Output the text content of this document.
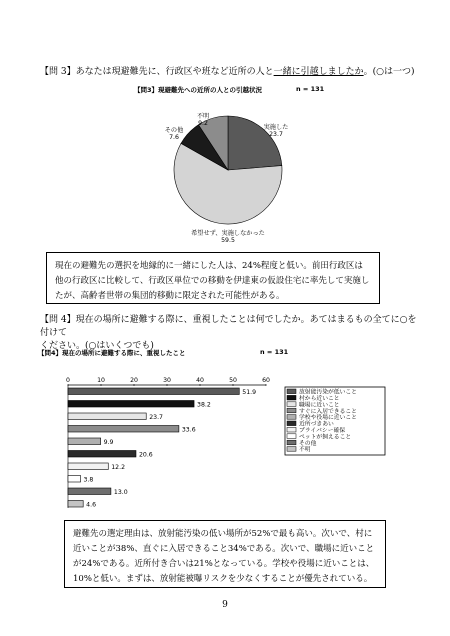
【問 3】あなたは現避難先に、行政区や班など近所の人と一緒に引越しましたか。(○は一つ)
【問3】現避難先への近所の人との引越状況	n = 131
実施した
23.7
希望せず、実施しなかった
59.5
その他
7.6
不明
9.2
現在の避難先の選択を地縁的に一緒にした人は、24%程度と低い。前田行政区は他の行政区に比較して、行政区単位での移動を伊達東の仮設住宅に率先して実施したが、高齢者世帯の集団的移動に限定された可能性がある。
【問 4】現在の場所に避難する際に、重視したことは何でしたか。あてはまるもの全てに○を付けて
ください。(○はいくつでも)
【問4】現在の場所に避難する際に、重視したこと	n = 131
0	10	20	30	40	50	60
51.9
38.2
23.7
33.6
9.9
20.6
12.2
3.8
13.0
4.6
放射能汚染が低いこと
村から近いこと
職場に近いこと
すぐに入居できること
学校や役場に近いこと
近所づきあい
プライバシー確保
ペットが飼えること
その他
不明
避難先の選定理由は、放射能汚染の低い場所が52%で最も高い。次いで、村に近いことが38%、直ぐに入居できること34%である。次いで、職場に近いことが24%である。近所付き合いは21%となっている。学校や役場に近いことは、10%と低い。まずは、放射能被曝リスクを少なくすることが優先されている。
9
